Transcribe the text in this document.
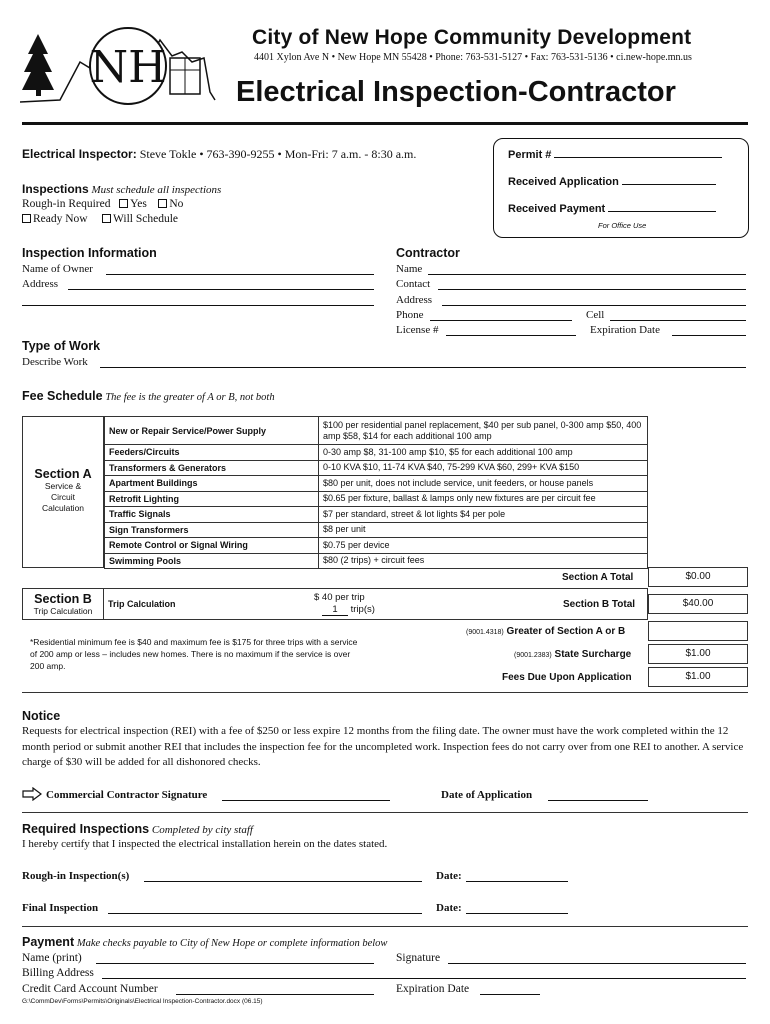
NH
City of New Hope Community Development
4401 Xylon Ave N • New Hope MN 55428 • Phone: 763-531-5127 • Fax: 763-531-5136 • ci.new-hope.mn.us
Electrical Inspection-Contractor
Electrical Inspector: Steve Tokle • 763-390-9255 • Mon-Fri: 7 a.m. - 8:30 a.m.	Permit #
Received Application
Received Payment
For Office Use
Inspections Must schedule all inspections
Rough-in Required Yes No
Ready Now Will Schedule
Inspection Information
Name of Owner
Address
Contractor
Name
Contact
Address
Phone	Cell
License #	Expiration Date
Type of Work
Describe Work
Fee Schedule The fee is the greater of A or B, not both
Section A
Service & Circuit Calculation
New or Repair Service/Power Supply	$100 per residential panel replacement, $40 per sub panel, 0-300 amp $50, 400 amp $58, $14 for each additional 100 amp
Feeders/Circuits	0-30 amp $8, 31-100 amp $10, $5 for each additional 100 amp
Transformers & Generators	0-10 KVA $10, 11-74 KVA $40, 75-299 KVA $60, 299+ KVA $150
Apartment Buildings	$80 per unit, does not include service, unit feeders, or house panels
Retrofit Lighting	$0.65 per fixture, ballast & lamps only new fixtures are per circuit fee
Traffic Signals	$7 per standard, street & lot lights $4 per pole
Sign Transformers	$8 per unit
Remote Control or Signal Wiring	$0.75 per device
Swimming Pools	$80 (2 trips) + circuit fees
Section A Total	$0.00
Section B
Trip Calculation
Trip Calculation
$ 40 per trip
1 trip(s)	Section B Total	$40.00
*Residential minimum fee is $40 and maximum fee is $175 for three trips with a service of 200 amp or less – includes new homes. There is no maximum if the service is over 200 amp.
(9001.4318) Greater of Section A or B
(9001.2383) State Surcharge	$1.00
Fees Due Upon Application	$1.00
Notice
Requests for electrical inspection (REI) with a fee of $250 or less expire 12 months from the filing date. The owner must have the work completed within the 12 month period or submit another REI that includes the inspection fee for the uncompleted work. Inspection fees do not carry over from one REI to another. A service charge of $30 will be added for all dishonored checks.
Commercial Contractor Signature	Date of Application
Required Inspections Completed by city staff
I hereby certify that I inspected the electrical installation herein on the dates stated.
Rough-in Inspection(s)	Date:
Final Inspection	Date:
Payment Make checks payable to City of New Hope or complete information below
Name (print)	Signature
Billing Address
Credit Card Account Number	Expiration Date
G:\CommDev\Forms\Permits\Originals\Electrical Inspection-Contractor.docx (06.15)
